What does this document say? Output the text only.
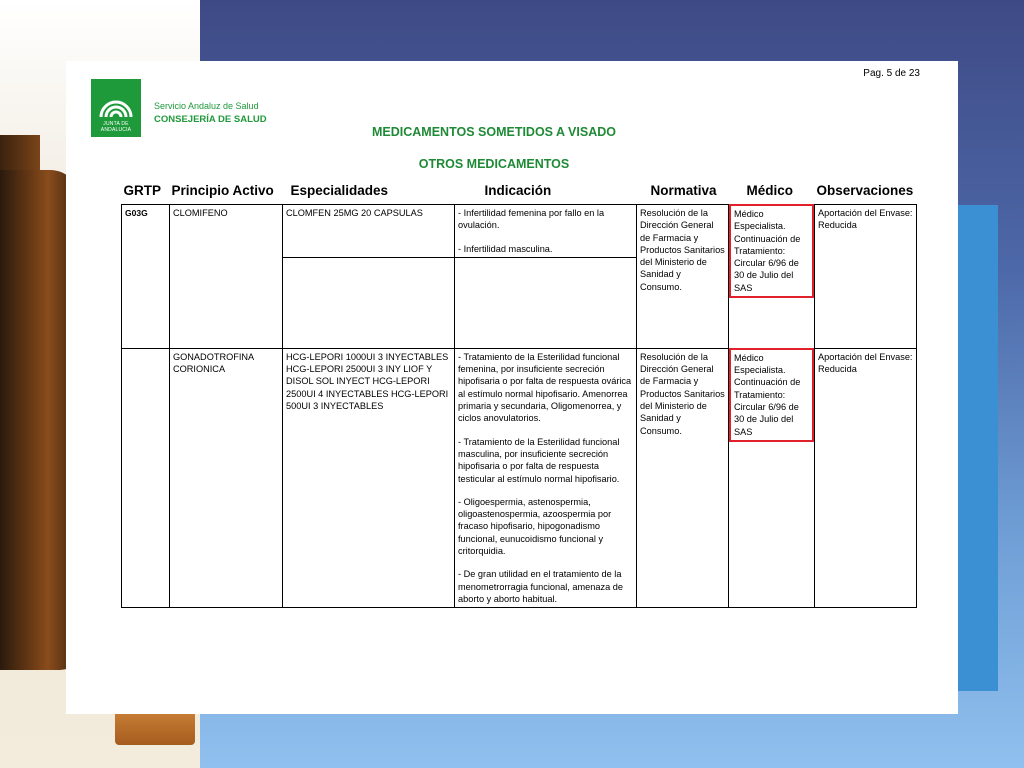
Pag. 5 de 23
JUNTA DE ANDALUCIA
Servicio Andaluz de Salud
CONSEJERÍA DE SALUD
MEDICAMENTOS SOMETIDOS A VISADO
OTROS MEDICAMENTOS
GRTP	Principio Activo	Especialidades	Indicación	Normativa	Médico	Observaciones
G03G	CLOMIFENO	CLOMFEN 25MG 20 CAPSULAS	- Infertilidad femenina por fallo en la ovulación.

- Infertilidad masculina.	Resolución de la Dirección General de Farmacia y Productos Sanitarios del Ministerio de Sanidad y Consumo.	Médico Especialista. Continuación de Tratamiento: Circular 6/96 de 30 de Julio del SAS	Aportación del Envase: Reducida

	GONADOTROFINA CORIONICA	HCG-LEPORI 1000UI 3 INYECTABLES HCG-LEPORI 2500UI 3 INY LIOF Y DISOL SOL INYECT HCG-LEPORI 2500UI 4 INYECTABLES HCG-LEPORI 500UI 3 INYECTABLES	- Tratamiento de la Esterilidad funcional femenina, por insuficiente secreción hipofisaria o por falta de respuesta ovárica al estímulo normal hipofisario. Amenorrea primaria y secundaria, Oligomenorrea, y ciclos anovulatorios.

- Tratamiento de la Esterilidad funcional masculina, por insuficiente secreción hipofisaria o por falta de respuesta testicular al estímulo normal hipofisario.

- Oligoespermia, astenospermia, oligoastenospermia, azoospermia por fracaso hipofisario, hipogonadismo funcional, eunucoidismo funcional y critorquidia.

- De gran utilidad en el tratamiento de la menometrorragia funcional, amenaza de aborto y aborto habitual.	Resolución de la Dirección General de Farmacia y Productos Sanitarios del Ministerio de Sanidad y Consumo.	Médico Especialista. Continuación de Tratamiento: Circular 6/96 de 30 de Julio del SAS	Aportación del Envase: Reducida
